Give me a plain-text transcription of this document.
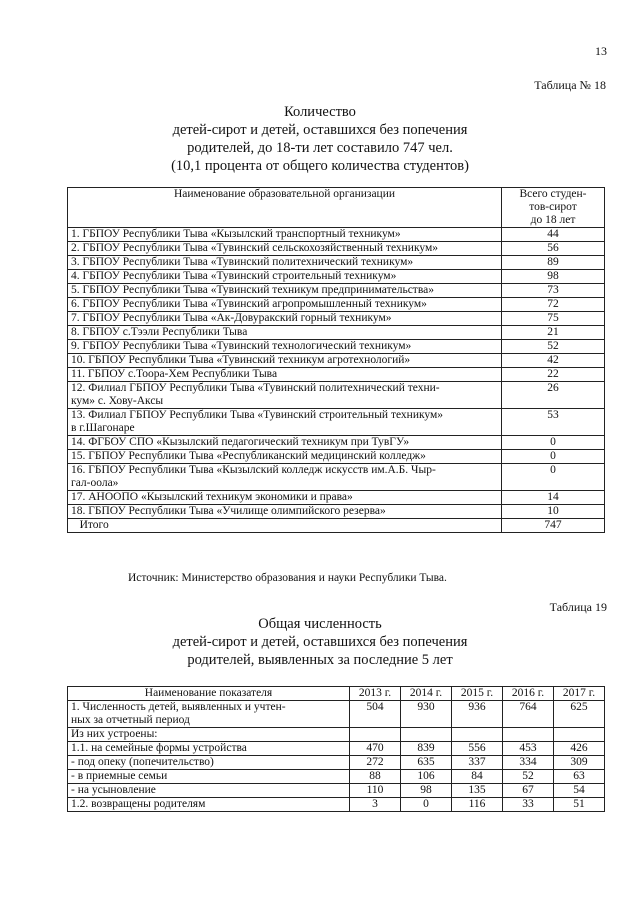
13
Таблица № 18
Количество
детей-сирот и детей, оставшихся без попечения
родителей, до 18-ти лет составило 747 чел.
(10,1 процента от общего количества студентов)
Наименование образовательной организации	Всего студен-
тов-сирот
до 18 лет

1. ГБПОУ Республики Тыва «Кызылский транспортный техникум»	44

2. ГБПОУ Республики Тыва «Тувинский сельскохозяйственный техникум»	56

3. ГБПОУ Республики Тыва «Тувинский политехнический техникум»	89

4. ГБПОУ Республики Тыва «Тувинский строительный техникум»	98

5. ГБПОУ Республики Тыва «Тувинский техникум предпринимательства»	73

6. ГБПОУ Республики Тыва «Тувинский агропромышленный техникум»	72

7. ГБПОУ Республики Тыва «Ак-Довуракский горный техникум»	75

8. ГБПОУ с.Тээли Республики Тыва	21

9. ГБПОУ Республики Тыва «Тувинский технологический техникум»	52

10. ГБПОУ Республики Тыва «Тувинский техникум агротехнологий»	42

11. ГБПОУ с.Тоора-Хем Республики Тыва	22

12. Филиал ГБПОУ Республики Тыва «Тувинский политехнический техни-
кум» с. Хову-Аксы	26

13. Филиал ГБПОУ Республики Тыва «Тувинский строительный техникум»
в г.Шагонаре	53

14. ФГБОУ СПО «Кызылский педагогический техникум при ТувГУ»	0

15. ГБПОУ Республики Тыва «Республиканский медицинский колледж»	0

16. ГБПОУ Республики Тыва «Кызылский колледж искусств им.А.Б. Чыр-
гал-оола»	0

17. АНООПО «Кызылский техникум экономики и права»	14

18. ГБПОУ Республики Тыва «Училище олимпийского резерва»	10

Итого	747
Источник: Министерство образования и науки Республики Тыва.
Таблица 19
Общая численность
детей-сирот и детей, оставшихся без попечения
родителей, выявленных за последние 5 лет
Наименование показателя	2013 г.	2014 г.	2015 г.	2016 г.	2017 г.

1. Численность детей, выявленных и учтен-
ных за отчетный период	504	930	936	764	625

Из них устроены:					

1.1. на семейные формы устройства	470	839	556	453	426

- под опеку (попечительство)	272	635	337	334	309

- в приемные семьи	88	106	84	52	63

- на усыновление	110	98	135	67	54

1.2. возвращены родителям	3	0	116	33	51
